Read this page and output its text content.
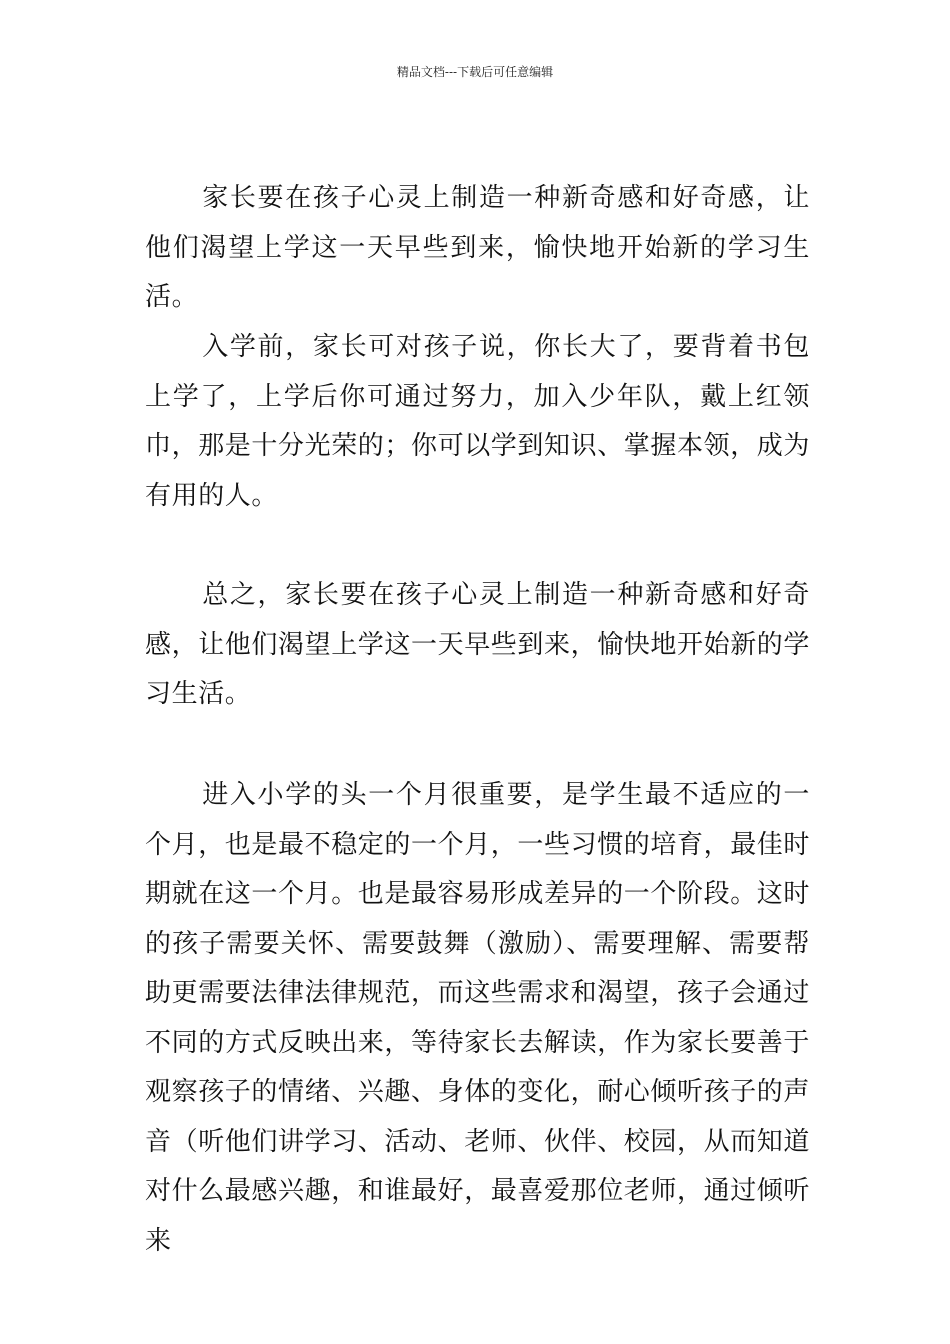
精品文档---下载后可任意编辑

家长要在孩子心灵上制造一种新奇感和好奇感，让他们渴望上学这一天早些到来，愉快地开始新的学习生活。

入学前，家长可对孩子说，你长大了，要背着书包上学了，上学后你可通过努力，加入少年队，戴上红领巾，那是十分光荣的；你可以学到知识、掌握本领，成为有用的人。

总之，家长要在孩子心灵上制造一种新奇感和好奇感，让他们渴望上学这一天早些到来，愉快地开始新的学习生活。

进入小学的头一个月很重要，是学生最不适应的一个月，也是最不稳定的一个月，一些习惯的培育，最佳时期就在这一个月。也是最容易形成差异的一个阶段。这时的孩子需要关怀、需要鼓舞（激励）、需要理解、需要帮助更需要法律法律规范，而这些需求和渴望，孩子会通过不同的方式反映出来，等待家长去解读，作为家长要善于观察孩子的情绪、兴趣、身体的变化，耐心倾听孩子的声音（听他们讲学习、活动、老师、伙伴、校园，从而知道对什么最感兴趣，和谁最好，最喜爱那位老师，通过倾听来
